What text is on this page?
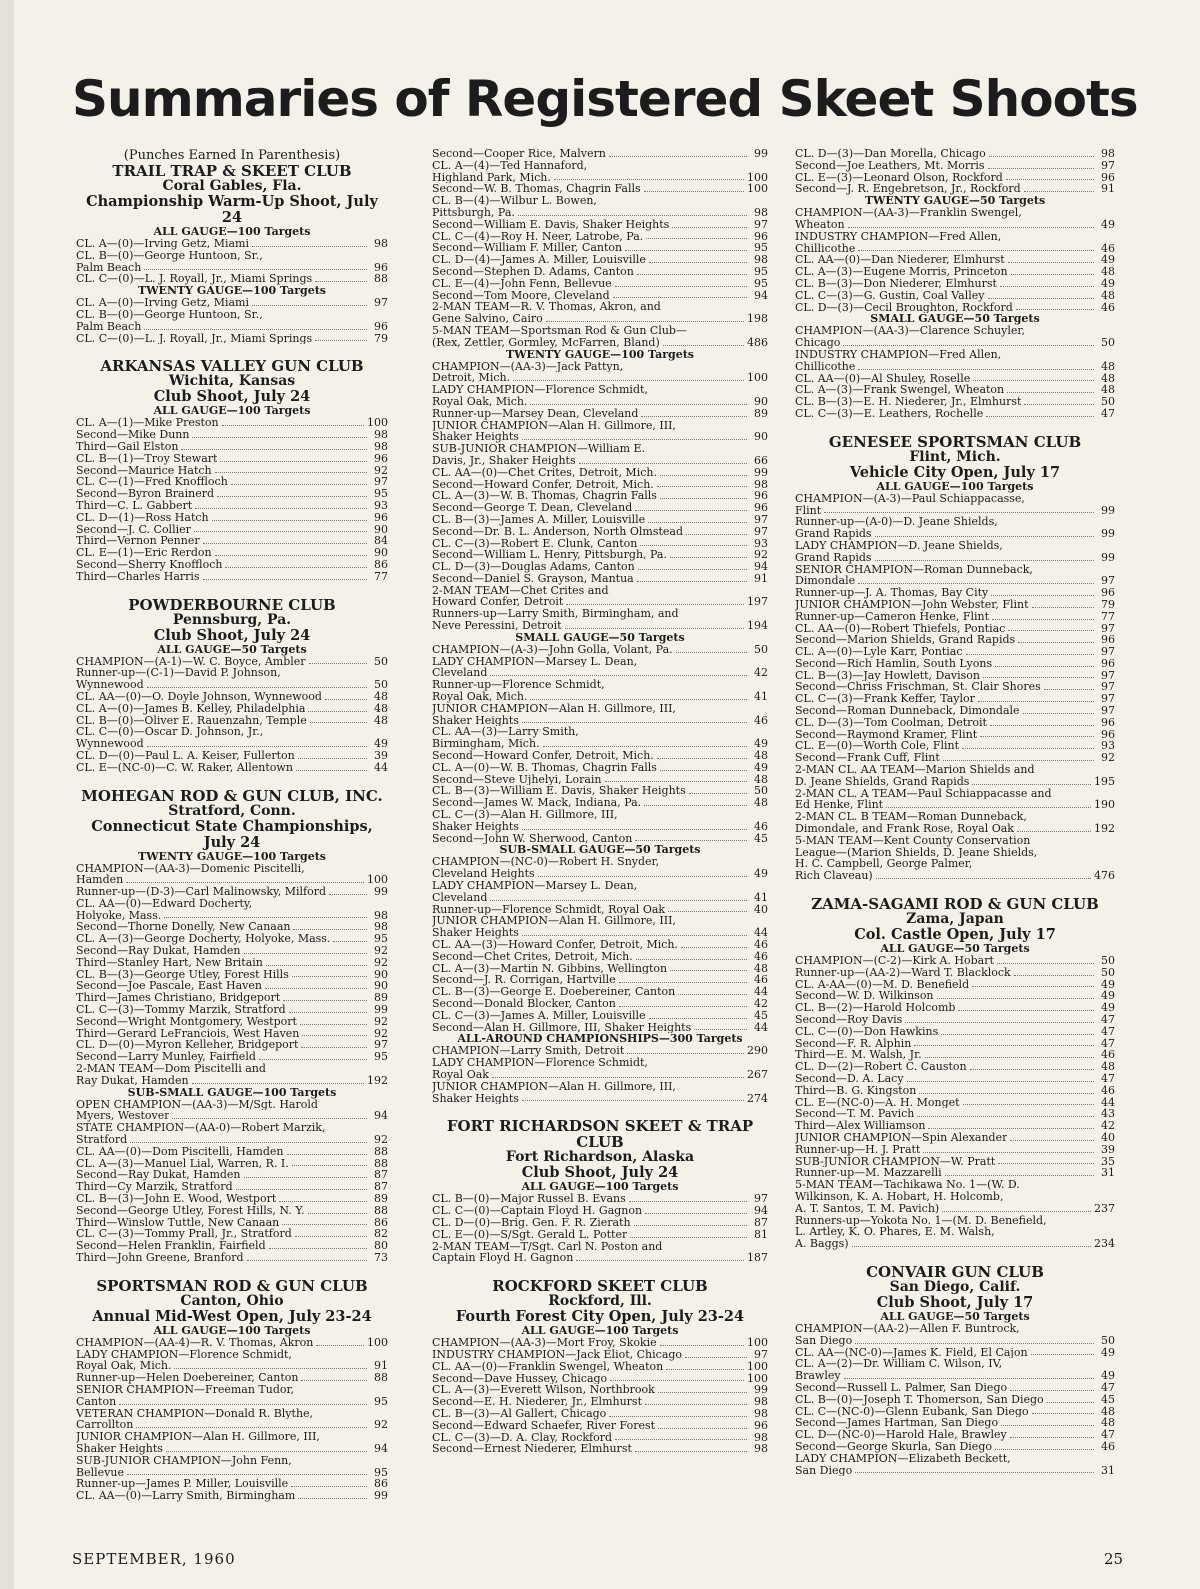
Summaries of Registered Skeet Shoots
(Punches Earned In Parenthesis)
TRAIL TRAP & SKEET CLUB
Coral Gables, Fla.
Championship Warm-Up Shoot, July 24
ALL GAUGE—100 Targets
CL. A—(0)—Irving Getz, Miami	98
CL. B—(0)—George Huntoon, Sr.,
Palm Beach	96
CL. C—(0)—L. J. Royall, Jr., Miami Springs	88
TWENTY GAUGE—100 Targets
CL. A—(0)—Irving Getz, Miami	97
CL. B—(0)—George Huntoon, Sr.,
Palm Beach	96
CL. C—(0)—L. J. Royall, Jr., Miami Springs	79
ARKANSAS VALLEY GUN CLUB
Wichita, Kansas
Club Shoot, July 24
ALL GAUGE—100 Targets
CL. A—(1)—Mike Preston	100
Second—Mike Dunn	98
Third—Gail Elston	98
CL. B—(1)—Troy Stewart	96
Second—Maurice Hatch	92
CL. C—(1)—Fred Knoffloch	97
Second—Byron Brainerd	95
Third—C. L. Gabbert	93
CL. D—(1)—Ross Hatch	96
Second—J. C. Collier	90
Third—Vernon Penner	84
CL. E—(1)—Eric Rerdon	90
Second—Sherry Knoffloch	86
Third—Charles Harris	77
POWDERBOURNE CLUB
Pennsburg, Pa.
Club Shoot, July 24
ALL GAUGE—50 Targets
CHAMPION—(A-1)—W. C. Boyce, Ambler	50
Runner-up—(C-1)—David P. Johnson,
Wynnewood	50
CL. AA—(0)—O. Doyle Johnson, Wynnewood	48
CL. A—(0)—James B. Kelley, Philadelphia	48
CL. B—(0)—Oliver E. Rauenzahn, Temple	48
CL. C—(0)—Oscar D. Johnson, Jr.,
Wynnewood	49
CL. D—(0)—Paul L. A. Keiser, Fullerton	39
CL. E—(NC-0)—C. W. Raker, Allentown	44
MOHEGAN ROD & GUN CLUB, INC.
Stratford, Conn.
Connecticut State Championships, July 24
TWENTY GAUGE—100 Targets
CHAMPION—(AA-3)—Domenic Piscitelli,
Hamden	100
Runner-up—(D-3)—Carl Malinowsky, Milford	99
CL. AA—(0)—Edward Docherty,
Holyoke, Mass.	98
Second—Thorne Donelly, New Canaan	98
CL. A—(3)—George Docherty, Holyoke, Mass.	95
Second—Ray Dukat, Hamden	92
Third—Stanley Hart, New Britain	92
CL. B—(3)—George Utley, Forest Hills	90
Second—Joe Pascale, East Haven	90
Third—James Christiano, Bridgeport	89
CL. C—(3)—Tommy Marzik, Stratford	99
Second—Wright Montgomery, Westport	92
Third—Gerard LeFranciois, West Haven	92
CL. D—(0)—Myron Kelleher, Bridgeport	97
Second—Larry Munley, Fairfield	95
2-MAN TEAM—Dom Piscitelli and
Ray Dukat, Hamden	192
SUB-SMALL GAUGE—100 Targets
OPEN CHAMPION—(AA-3)—M/Sgt. Harold
Myers, Westover	94
STATE CHAMPION—(AA-0)—Robert Marzik,
Stratford	92
CL. AA—(0)—Dom Piscitelli, Hamden	88
CL. A—(3)—Manuel Lial, Warren, R. I.	88
Second—Ray Dukat, Hamden	87
Third—Cy Marzik, Stratford	87
CL. B—(3)—John E. Wood, Westport	89
Second—George Utley, Forest Hills, N. Y.	88
Third—Winslow Tuttle, New Canaan	86
CL. C—(3)—Tommy Prall, Jr., Stratford	82
Second—Helen Franklin, Fairfield	80
Third—John Greene, Branford	73
SPORTSMAN ROD & GUN CLUB
Canton, Ohio
Annual Mid-West Open, July 23-24
ALL GAUGE—100 Targets
CHAMPION—(AA-4)—R. V. Thomas, Akron	100
LADY CHAMPION—Florence Schmidt,
Royal Oak, Mich.	91
Runner-up—Helen Doebereiner, Canton	88
SENIOR CHAMPION—Freeman Tudor,
Canton	95
VETERAN CHAMPION—Donald R. Blythe,
Carrollton	92
JUNIOR CHAMPION—Alan H. Gillmore, III,
Shaker Heights	94
SUB-JUNIOR CHAMPION—John Fenn,
Bellevue	95
Runner-up—James P. Miller, Louisville	86
CL. AA—(0)—Larry Smith, Birmingham	99
Second—Cooper Rice, Malvern	99
CL. A—(4)—Ted Hannaford,
Highland Park, Mich.	100
Second—W. B. Thomas, Chagrin Falls	100
CL. B—(4)—Wilbur L. Bowen,
Pittsburgh, Pa.	98
Second—William E. Davis, Shaker Heights	97
CL. C—(4)—Roy H. Neer, Latrobe, Pa.	96
Second—William F. Miller, Canton	95
CL. D—(4)—James A. Miller, Louisville	98
Second—Stephen D. Adams, Canton	95
CL. E—(4)—John Fenn, Bellevue	95
Second—Tom Moore, Cleveland	94
2-MAN TEAM—R. V. Thomas, Akron, and
Gene Salvino, Cairo	198
5-MAN TEAM—Sportsman Rod & Gun Club—
(Rex, Zettler, Gormley, McFarren, Bland)	486
TWENTY GAUGE—100 Targets
CHAMPION—(AA-3)—Jack Pattyn,
Detroit, Mich.	100
LADY CHAMPION—Florence Schmidt,
Royal Oak, Mich.	90
Runner-up—Marsey Dean, Cleveland	89
JUNIOR CHAMPION—Alan H. Gillmore, III,
Shaker Heights	90
SUB-JUNIOR CHAMPION—William E.
Davis, Jr., Shaker Heights	66
CL. AA—(0)—Chet Crites, Detroit, Mich.	99
Second—Howard Confer, Detroit, Mich.	98
CL. A—(3)—W. B. Thomas, Chagrin Falls	96
Second—George T. Dean, Cleveland	96
CL. B—(3)—James A. Miller, Louisville	97
Second—Dr. B. L. Anderson, North Olmstead	97
CL. C—(3)—Robert E. Clunk, Canton	93
Second—William L. Henry, Pittsburgh, Pa.	92
CL. D—(3)—Douglas Adams, Canton	94
Second—Daniel S. Grayson, Mantua	91
2-MAN TEAM—Chet Crites and
Howard Confer, Detroit	197
Runners-up—Larry Smith, Birmingham, and
Neve Peressini, Detroit	194
SMALL GAUGE—50 Targets
CHAMPION—(A-3)—John Golla, Volant, Pa.	50
LADY CHAMPION—Marsey L. Dean,
Cleveland	42
Runner-up—Florence Schmidt,
Royal Oak, Mich.	41
JUNIOR CHAMPION—Alan H. Gillmore, III,
Shaker Heights	46
CL. AA—(3)—Larry Smith,
Birmingham, Mich.	49
Second—Howard Confer, Detroit, Mich.	48
CL. A—(0)—W. B. Thomas, Chagrin Falls	49
Second—Steve Ujhelyi, Lorain	48
CL. B—(3)—William E. Davis, Shaker Heights	50
Second—James W. Mack, Indiana, Pa.	48
CL. C—(3)—Alan H. Gillmore, III,
Shaker Heights	46
Second—John W. Sherwood, Canton	45
SUB-SMALL GAUGE—50 Targets
CHAMPION—(NC-0)—Robert H. Snyder,
Cleveland Heights	49
LADY CHAMPION—Marsey L. Dean,
Cleveland	41
Runner-up—Florence Schmidt, Royal Oak	40
JUNIOR CHAMPION—Alan H. Gillmore, III,
Shaker Heights	44
CL. AA—(3)—Howard Confer, Detroit, Mich.	46
Second—Chet Crites, Detroit, Mich.	46
CL. A—(3)—Martin N. Gibbins, Wellington	48
Second—J. R. Corrigan, Hartville	46
CL. B—(3)—George E. Doebereiner, Canton	44
Second—Donald Blocker, Canton	42
CL. C—(3)—James A. Miller, Louisville	45
Second—Alan H. Gillmore, III, Shaker Heights	44
ALL-AROUND CHAMPIONSHIPS—300 Targets
CHAMPION—Larry Smith, Detroit	290
LADY CHAMPION—Florence Schmidt,
Royal Oak	267
JUNIOR CHAMPION—Alan H. Gillmore, III,
Shaker Heights	274
FORT RICHARDSON SKEET & TRAP CLUB
Fort Richardson, Alaska
Club Shoot, July 24
ALL GAUGE—100 Targets
CL. B—(0)—Major Russel B. Evans	97
CL. C—(0)—Captain Floyd H. Gagnon	94
CL. D—(0)—Brig. Gen. F. R. Zierath	87
CL. E—(0)—S/Sgt. Gerald L. Potter	81
2-MAN TEAM—T/Sgt. Carl N. Poston and
Captain Floyd H. Gagnon	187
ROCKFORD SKEET CLUB
Rockford, Ill.
Fourth Forest City Open, July 23-24
ALL GAUGE—100 Targets
CHAMPION—(AA-3)—Mort Froy, Skokie	100
INDUSTRY CHAMPION—Jack Eliot, Chicago	97
CL. AA—(0)—Franklin Swengel, Wheaton	100
Second—Dave Hussey, Chicago	100
CL. A—(3)—Everett Wilson, Northbrook	99
Second—E. H. Niederer, Jr., Elmhurst	98
CL. B—(3)—Al Gallert, Chicago	98
Second—Edward Schaefer, River Forest	96
CL. C—(3)—D. A. Clay, Rockford	98
Second—Ernest Niederer, Elmhurst	98
CL. D—(3)—Dan Morella, Chicago	98
Second—Joe Leathers, Mt. Morris	97
CL. E—(3)—Leonard Olson, Rockford	96
Second—J. R. Engebretson, Jr., Rockford	91
TWENTY GAUGE—50 Targets
CHAMPION—(AA-3)—Franklin Swengel,
Wheaton	49
INDUSTRY CHAMPION—Fred Allen,
Chillicothe	46
CL. AA—(0)—Dan Niederer, Elmhurst	49
CL. A—(3)—Eugene Morris, Princeton	48
CL. B—(3)—Don Niederer, Elmhurst	49
CL. C—(3)—G. Gustin, Coal Valley	48
CL. D—(3)—Cecil Broughton, Rockford	46
SMALL GAUGE—50 Targets
CHAMPION—(AA-3)—Clarence Schuyler,
Chicago	50
INDUSTRY CHAMPION—Fred Allen,
Chillicothe	48
CL. AA—(0)—Al Shuley, Roselle	48
CL. A—(3)—Frank Swengel, Wheaton	48
CL. B—(3)—E. H. Niederer, Jr., Elmhurst	50
CL. C—(3)—E. Leathers, Rochelle	47
GENESEE SPORTSMAN CLUB
Flint, Mich.
Vehicle City Open, July 17
ALL GAUGE—100 Targets
CHAMPION—(A-3)—Paul Schiappacasse,
Flint	99
Runner-up—(A-0)—D. Jeane Shields,
Grand Rapids	99
LADY CHAMPION—D. Jeane Shields,
Grand Rapids	99
SENIOR CHAMPION—Roman Dunneback,
Dimondale	97
Runner-up—J. A. Thomas, Bay City	96
JUNIOR CHAMPION—John Webster, Flint	79
Runner-up—Cameron Henke, Flint	77
CL. AA—(0)—Robert Thiefels, Pontiac	97
Second—Marion Shields, Grand Rapids	96
CL. A—(0)—Lyle Karr, Pontiac	97
Second—Rich Hamlin, South Lyons	96
CL. B—(3)—Jay Howlett, Davison	97
Second—Chriss Frischman, St. Clair Shores	97
CL. C—(3)—Frank Keffer, Taylor	97
Second—Roman Dunneback, Dimondale	97
CL. D—(3)—Tom Coolman, Detroit	96
Second—Raymond Kramer, Flint	96
CL. E—(0)—Worth Cole, Flint	93
Second—Frank Cuff, Flint	92
2-MAN CL. AA TEAM—Marion Shields and
D. Jeane Shields, Grand Rapids	195
2-MAN CL. A TEAM—Paul Schiappacasse and
Ed Henke, Flint	190
2-MAN CL. B TEAM—Roman Dunneback,
Dimondale, and Frank Rose, Royal Oak	192
5-MAN TEAM—Kent County Conservation
League—(Marion Shields, D. Jeane Shields,
H. C. Campbell, George Palmer,
Rich Claveau)	476
ZAMA-SAGAMI ROD & GUN CLUB
Zama, Japan
Col. Castle Open, July 17
ALL GAUGE—50 Targets
CHAMPION—(C-2)—Kirk A. Hobart	50
Runner-up—(AA-2)—Ward T. Blacklock	50
CL. A-AA—(0)—M. D. Benefield	49
Second—W. D. Wilkinson	49
CL. B—(2)—Harold Holcomb	49
Second—Roy Davis	47
CL. C—(0)—Don Hawkins	47
Second—F. R. Alphin	47
Third—E. M. Walsh, Jr.	46
CL. D—(2)—Robert C. Causton	48
Second—D. A. Lacy	47
Third—B. G. Kingston	46
CL. E—(NC-0)—A. H. Monget	44
Second—T. M. Pavich	43
Third—Alex Williamson	42
JUNIOR CHAMPION—Spin Alexander	40
Runner-up—H. J. Pratt	39
SUB-JUNIOR CHAMPION—W. Pratt	35
Runner-up—M. Mazzarelli	31
5-MAN TEAM—Tachikawa No. 1—(W. D.
Wilkinson, K. A. Hobart, H. Holcomb,
A. T. Santos, T. M. Pavich)	237
Runners-up—Yokota No. 1—(M. D. Benefield,
L. Artley, K. O. Phares, E. M. Walsh,
A. Baggs)	234
CONVAIR GUN CLUB
San Diego, Calif.
Club Shoot, July 17
ALL GAUGE—50 Targets
CHAMPION—(AA-2)—Allen F. Buntrock,
San Diego	50
CL. AA—(NC-0)—James K. Field, El Cajon	49
CL. A—(2)—Dr. William C. Wilson, IV,
Brawley	49
Second—Russell L. Palmer, San Diego	47
CL. B—(0)—Joseph T. Thomerson, San Diego	45
CL. C—(NC-0)—Glenn Eubank, San Diego	48
Second—James Hartman, San Diego	48
CL. D—(NC-0)—Harold Hale, Brawley	47
Second—George Skurla, San Diego	46
LADY CHAMPION—Elizabeth Beckett,
San Diego	31
SEPTEMBER, 1960	25
